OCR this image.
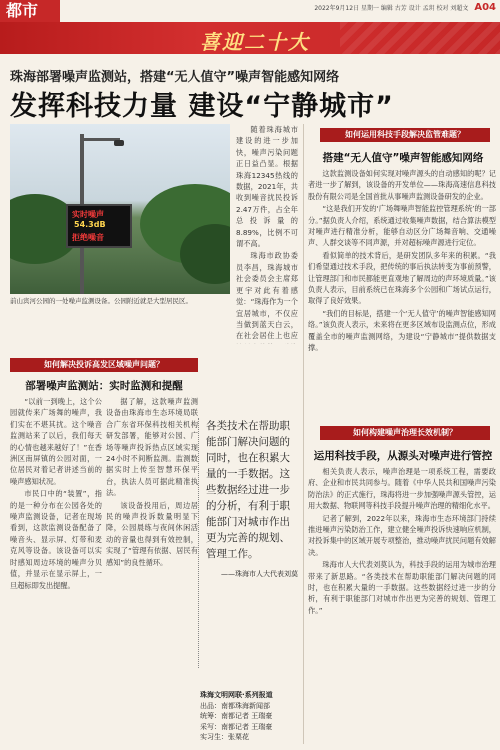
都市	2022年9月12日 星期一 编辑 古芳 设计 孟玥 校对 刘超文 A04
喜迎二十大
珠海部署噪声监测站，搭建“无人值守”噪声智能感知网络
发挥科技力量 建设“宁静城市”
实时噪声
54.3dB
拒绝噪音
前山宾河公园的一处噪声监测设备。公园附近就是大型居民区。

随着珠海城市建设的进一步加快，噪声污染问题正日益凸显。根据珠海12345热线的数据，2021年，共收到噪音扰民投诉2.47万件，占全年总投诉量的8.89%，比例不可谓不高。

珠海市政协委员李昌，珠海城市社会委员会主席郑更宇对此有着感觉：“珠海作为一个宜居城市，不仅应当做到蓝天白云，在社会居住上也应

如何解决投诉高发区域噪声问题？
部署噪声监测站：实时监测和提醒

“以前一到晚上，这个公园就传来广场舞的噪声，我们实在不堪其扰。这个噪音监测站来了以后，我们每天的心情也越来越好了！”在香洲区南屏镇的公园对面，一位居民对着记者讲述当前的噪声感知状况。

市民口中的“装置”，指的是一种分布在公园各处的噪声监测设备，记者在现场看到，这款监测设备配备了噪音头、显示屏、灯带和麦克风等设备。该设备可以实时感知周边环境的噪声分贝值，并显示在显示屏上，一旦超标即发出提醒。

据了解，这款噪声监测设备由珠海市生态环境局联合广东省环保科技相关机构研发部署，能够对公园、广场等噪声投诉热点区域实现24小时不间断监测。监测数据实时上传至智慧环保平台，执法人员可据此精准执法。

该设备投用后，周边居民的噪声投诉数量明显下降，公园晨练与夜间休闲活动的音量也得到有效控制，实现了“管理有依据、居民有感知”的良性循环。

各类技术在帮助职能部门解决问题的同时，也在积累大量的一手数据。这些数据经过进一步的分析，有利于职能部门对城市作出更为完善的规划、管理工作。
——珠海市人大代表刘莫
珠海文明网联·系列报道
出品：南都珠海新闻部
统筹：南都记者 王瑞豪
采写：南都记者 王瑞豪
实习生：张栗花
如何运用科技手段解决监管难题？
搭建“无人值守”噪声智能感知网络

这款监测设备如何实现对噪声源头的自动感知的呢？记者进一步了解到，该设备的开发单位——珠海高速信息科技股份有限公司是全国首批从事噪声监测设备研发的企业。

“这是我们开发的‘广场舞噪声智能监控管理系统’的一部分。”据负责人介绍，系统通过收集噪声数据，结合算法模型对噪声进行精准分析，能够自动区分广场舞音响、交通噪声、人群交谈等不同声源，并对超标噪声源进行定位。

看似简单的技术背后，是研发团队多年来的积累。“我们希望通过技术手段，把传统的事后执法转变为事前预警，让管理部门和市民都能更直观地了解周边的声环境质量。”该负责人表示，目前系统已在珠海多个公园和广场试点运行，取得了良好效果。

“我们的目标是，搭建一个‘无人值守’的噪声智能感知网络。”该负责人表示，未来将在更多区域布设监测点位，形成覆盖全市的噪声监测网络，为建设“宁静城市”提供数据支撑。

如何构建噪声治理长效机制？
运用科技手段，从源头对噪声进行管控

相关负责人表示，噪声治理是一项系统工程，需要政府、企业和市民共同参与。随着《中华人民共和国噪声污染防治法》的正式施行，珠海将进一步加强噪声源头管控，运用大数据、物联网等科技手段提升噪声治理的精细化水平。

记者了解到，2022年以来，珠海市生态环境部门持续推进噪声污染防治工作，建立健全噪声投诉快速响应机制，对投诉集中的区域开展专项整治，推动噪声扰民问题有效解决。

珠海市人大代表刘莫认为，科技手段的运用为城市治理带来了新思路。“各类技术在帮助职能部门解决问题的同时，也在积累大量的一手数据。这些数据经过进一步的分析，有利于职能部门对城市作出更为完善的规划、管理工作。”
